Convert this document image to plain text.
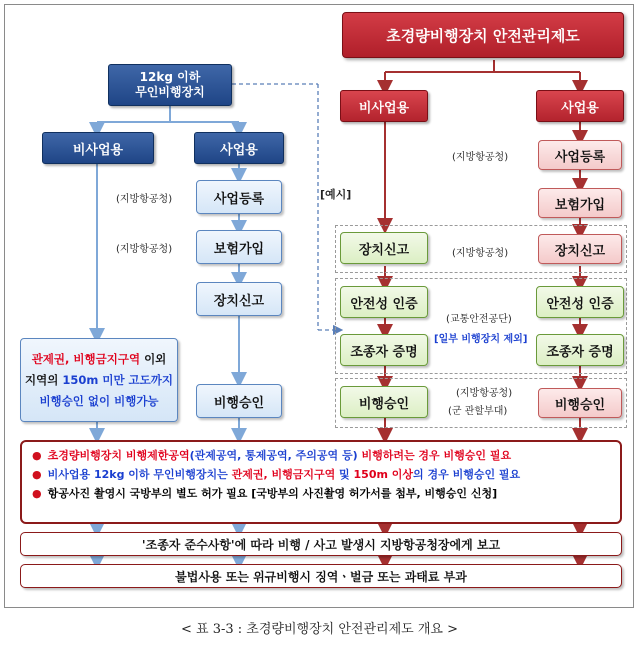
초경량비행장치 안전관리제도
비사업용	사업용
(지방항공청)	사업등록
보험가입
장치신고	(지방항공청)	장치신고
안전성 인증	안전성 인증
(교통안전공단)
[일부 비행장치 제외]
조종자 증명	조종자 증명
비행승인
(지방항공청)
(군 관할부대)	비행승인
12kg 이하
무인비행장치
비사업용	사업용
(지방항공청)	사업등록
(지방항공청)	보험가입
장치신고
비행승인
관제권, 비행금지구역 이외
지역의 150m 미만 고도까지
비행승인 없이 비행가능
[예시]
● 초경량비행장치 비행제한공역(관제공역, 통제공역, 주의공역 등) 비행하려는 경우 비행승인 필요
● 비사업용 12kg 이하 무인비행장치는 관제권, 비행금지구역 및 150m 이상의 경우 비행승인 필요
● 항공사진 촬영시 국방부의 별도 허가 필요 [국방부의 사진촬영 허가서를 첨부, 비행승인 신청]
'조종자 준수사항'에 따라 비행 / 사고 발생시 지방항공청장에게 보고
불법사용 또는 위규비행시 징역ㆍ벌금 또는 과태료 부과
< 표 3-3 : 초경량비행장치 안전관리제도 개요 >
